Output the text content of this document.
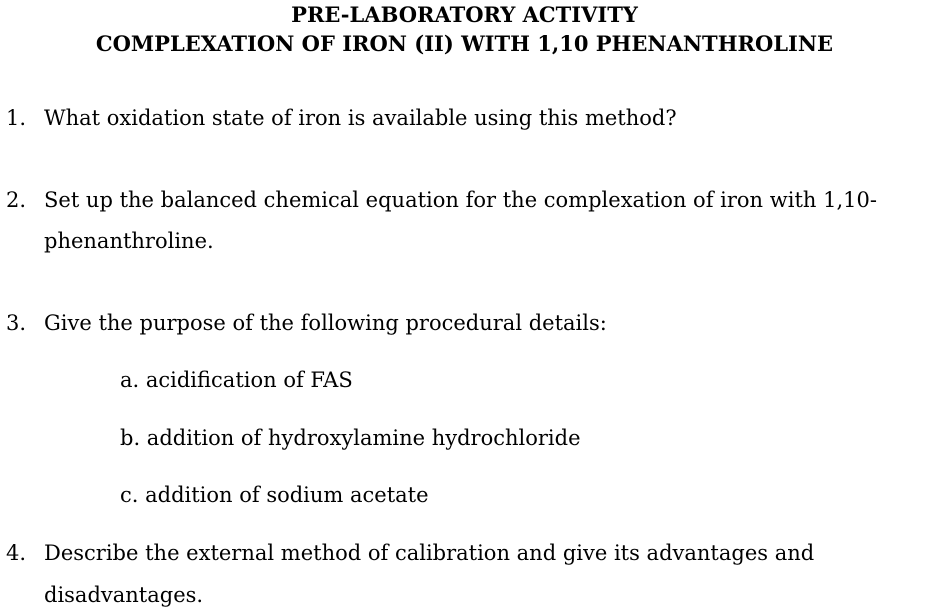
PRE-LABORATORY ACTIVITY
COMPLEXATION OF IRON (II) WITH 1,10 PHENANTHROLINE
1. What oxidation state of iron is available using this method?
2. Set up the balanced chemical equation for the complexation of iron with 1,10-
phenanthroline.
3. Give the purpose of the following procedural details:
a. acidification of FAS
b. addition of hydroxylamine hydrochloride
c. addition of sodium acetate
4. Describe the external method of calibration and give its advantages and
disadvantages.
